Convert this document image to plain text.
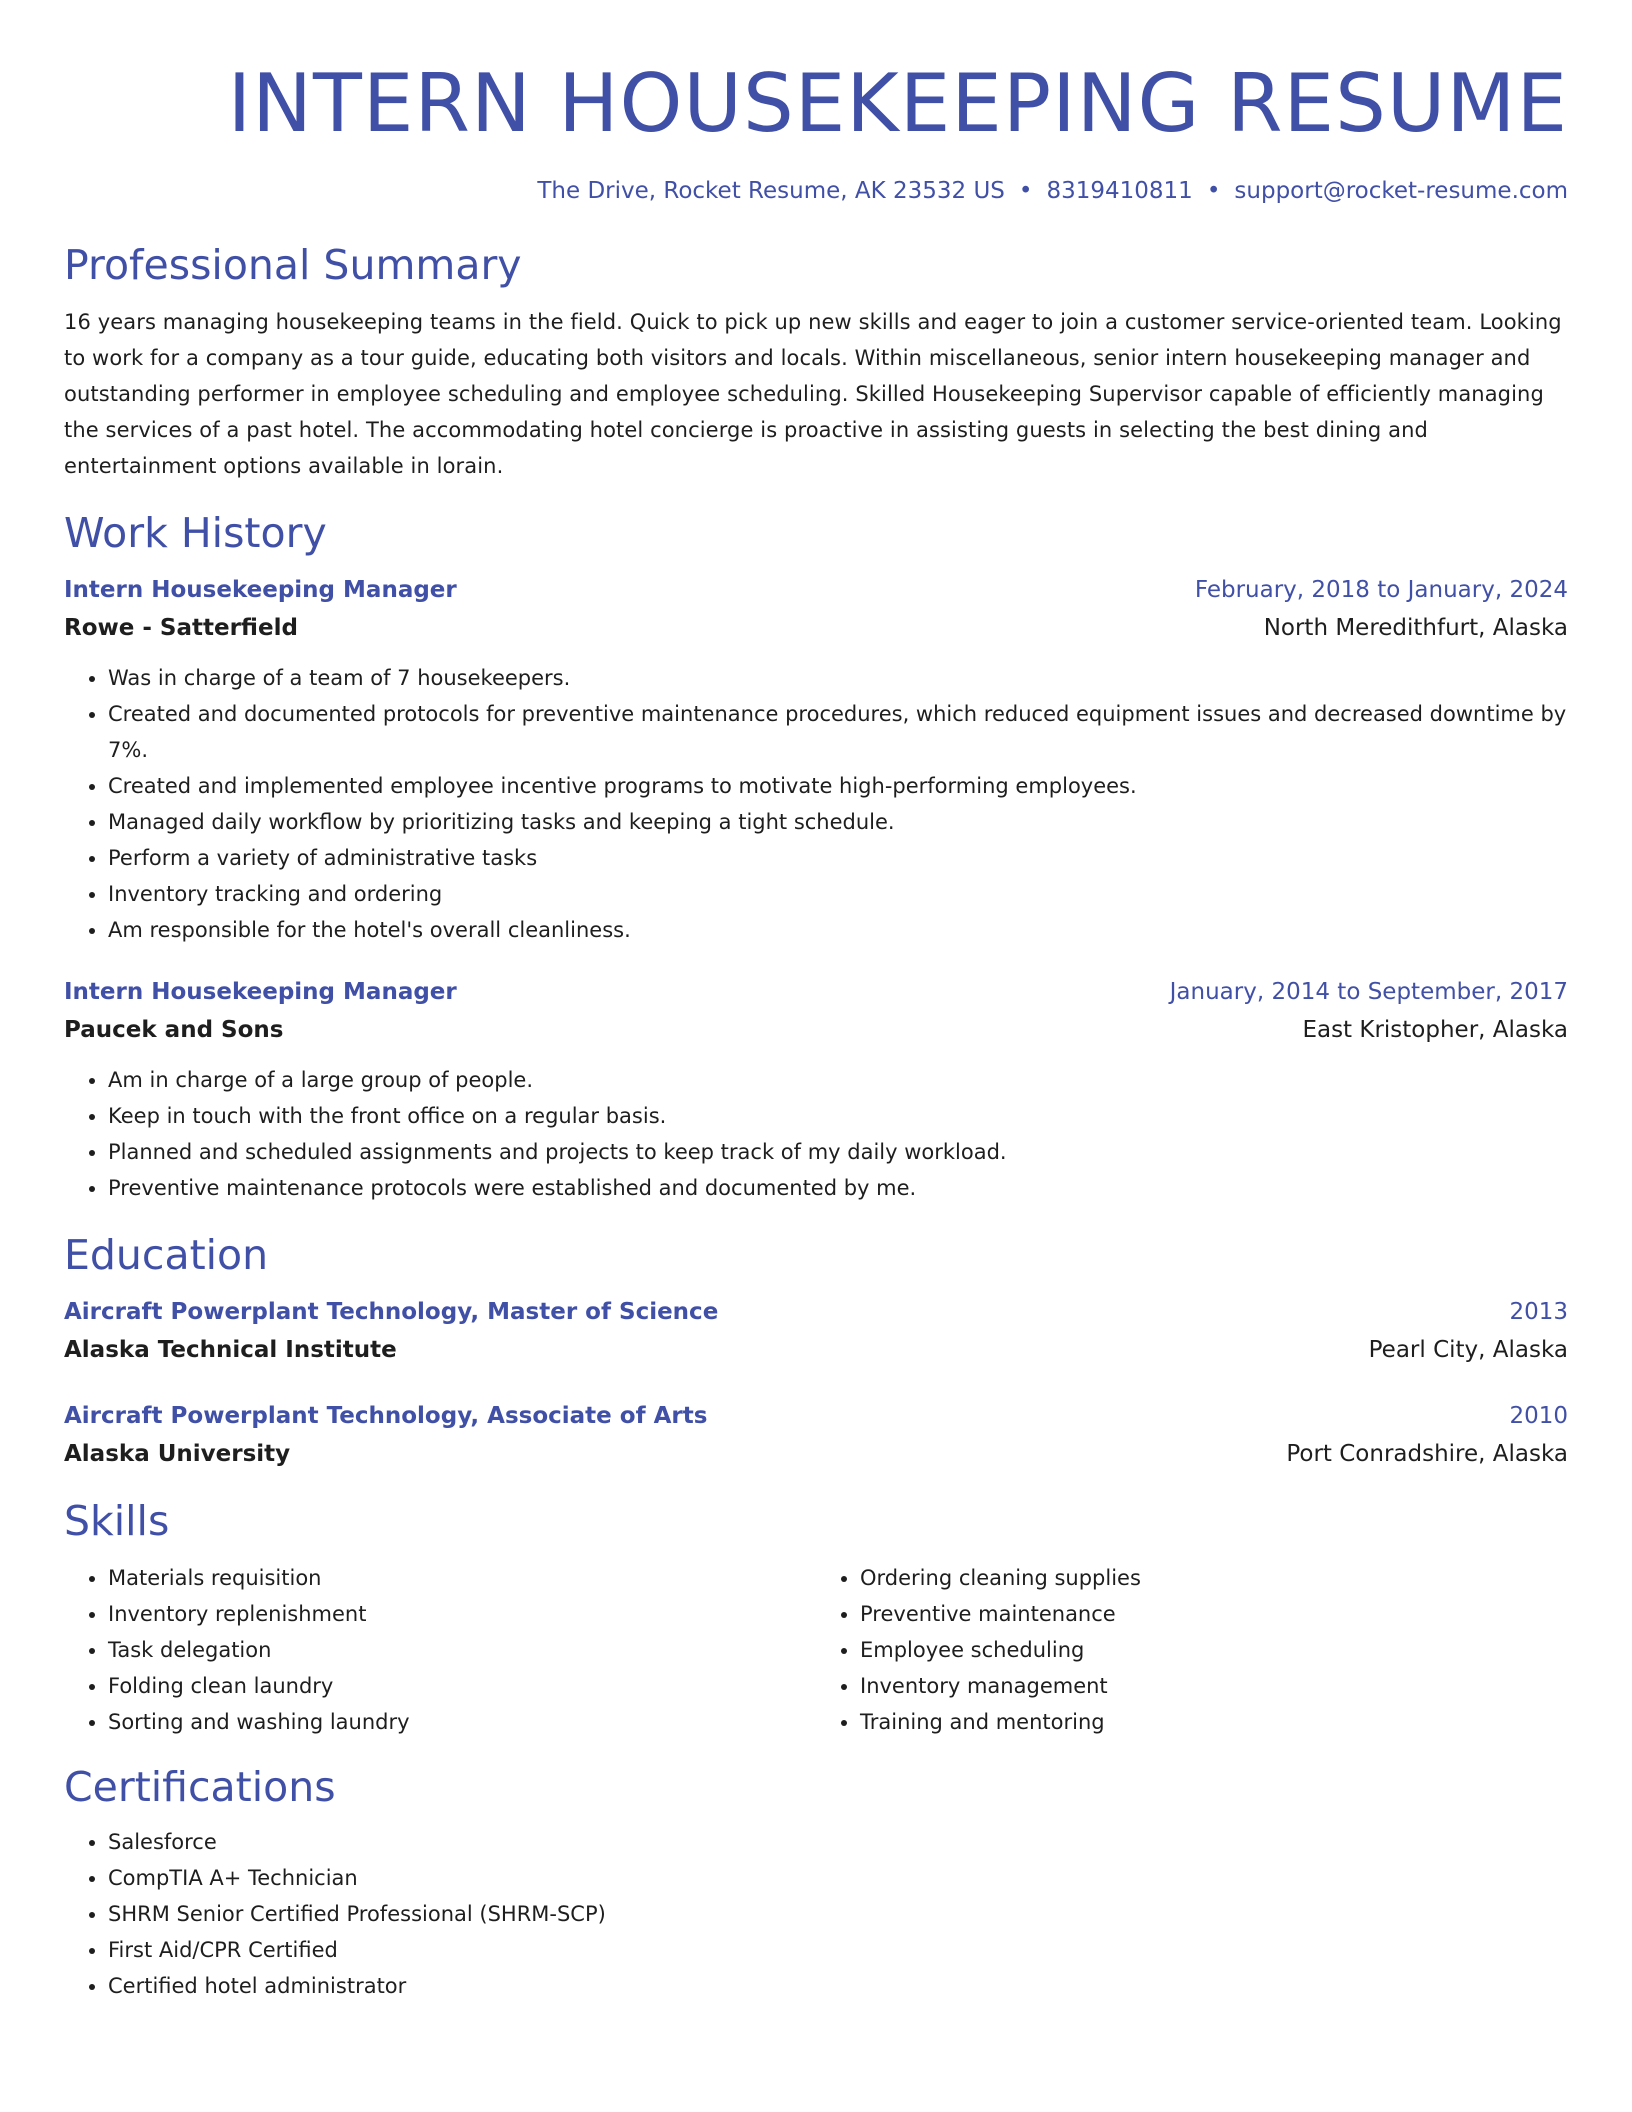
INTERN HOUSEKEEPING RESUME
The Drive, Rocket Resume, AK 23532 US • 8319410811 • support@rocket-resume.com
Professional Summary
16 years managing housekeeping teams in the field. Quick to pick up new skills and eager to join a customer service-oriented team. Looking to work for a company as a tour guide, educating both visitors and locals. Within miscellaneous, senior intern housekeeping manager and outstanding performer in employee scheduling and employee scheduling. Skilled Housekeeping Supervisor capable of efficiently managing the services of a past hotel. The accommodating hotel concierge is proactive in assisting guests in selecting the best dining and entertainment options available in lorain.
Work History
Intern Housekeeping Manager	February, 2018 to January, 2024
Rowe - Satterfield	North Meredithfurt, Alaska
• Was in charge of a team of 7 housekeepers.
• Created and documented protocols for preventive maintenance procedures, which reduced equipment issues and decreased downtime by 7%.
• Created and implemented employee incentive programs to motivate high-performing employees.
• Managed daily workflow by prioritizing tasks and keeping a tight schedule.
• Perform a variety of administrative tasks
• Inventory tracking and ordering
• Am responsible for the hotel's overall cleanliness.
Intern Housekeeping Manager	January, 2014 to September, 2017
Paucek and Sons	East Kristopher, Alaska
• Am in charge of a large group of people.
• Keep in touch with the front office on a regular basis.
• Planned and scheduled assignments and projects to keep track of my daily workload.
• Preventive maintenance protocols were established and documented by me.
Education
Aircraft Powerplant Technology, Master of Science	2013
Alaska Technical Institute	Pearl City, Alaska
Aircraft Powerplant Technology, Associate of Arts	2010
Alaska University	Port Conradshire, Alaska
Skills
• Materials requisition
• Inventory replenishment
• Task delegation
• Folding clean laundry
• Sorting and washing laundry
• Ordering cleaning supplies
• Preventive maintenance
• Employee scheduling
• Inventory management
• Training and mentoring
Certifications
• Salesforce
• CompTIA A+ Technician
• SHRM Senior Certified Professional (SHRM-SCP)
• First Aid/CPR Certified
• Certified hotel administrator
